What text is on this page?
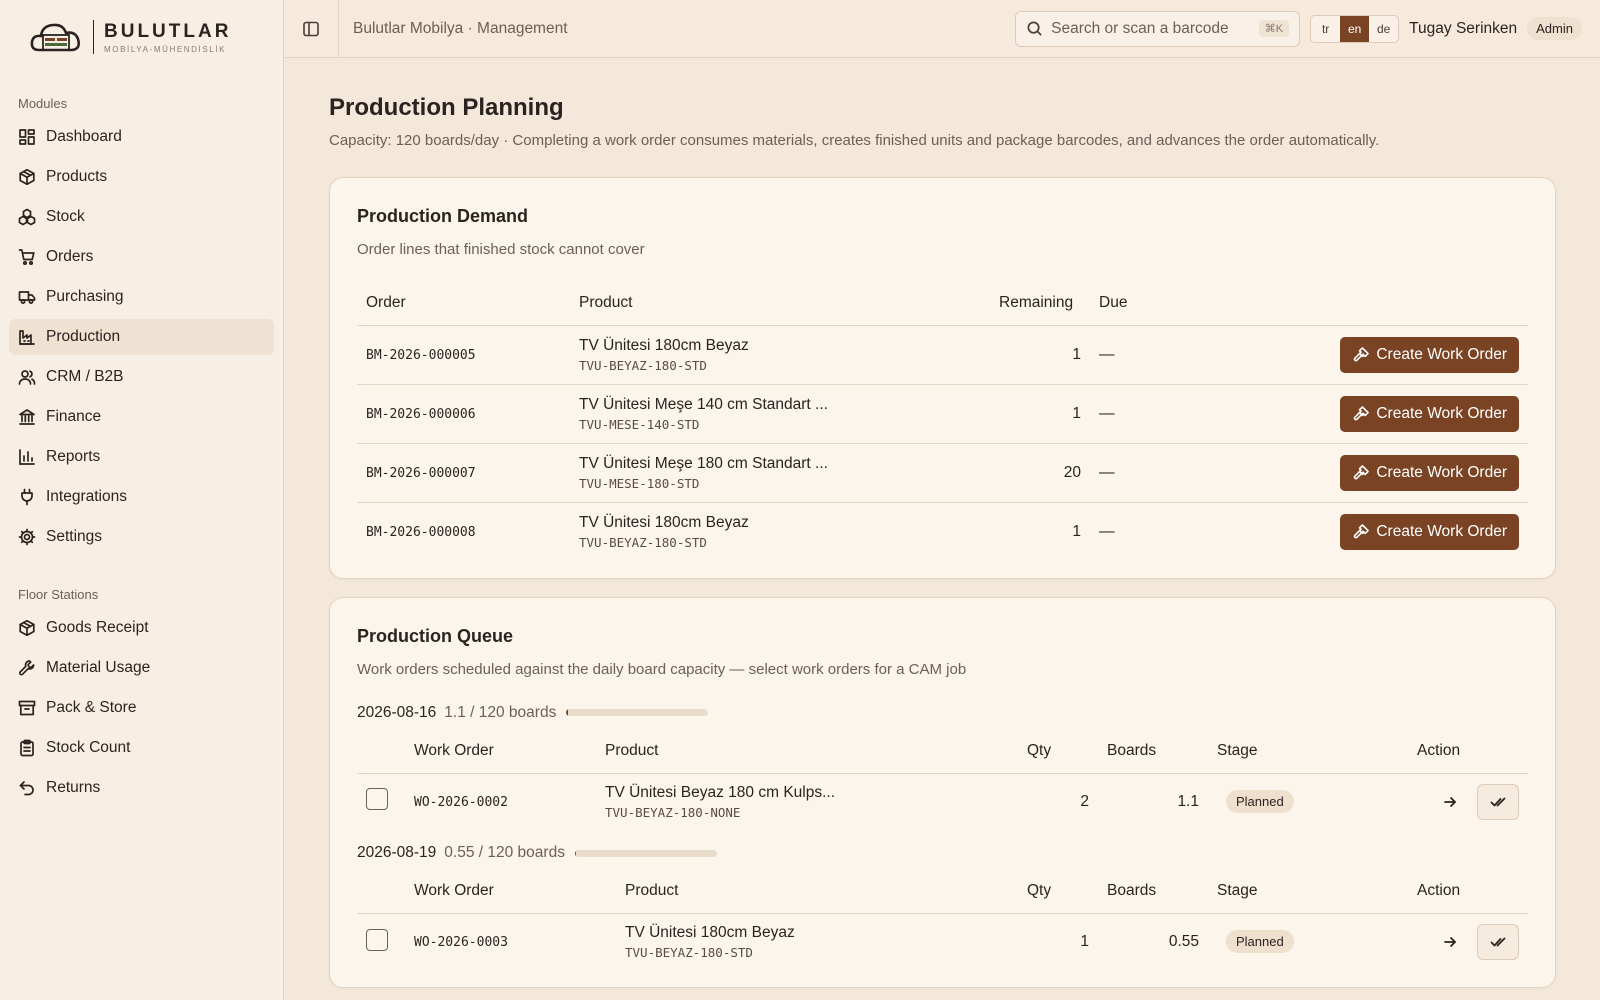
BULUTLAR
MOBİLYA-MÜHENDİSLİK
Modules
Dashboard
Products
Stock
Orders
Purchasing
Production
CRM / B2B
Finance
Reports
Integrations
Settings
Floor Stations
Goods Receipt
Material Usage
Pack & Store
Stock Count
Returns
Bulutlar Mobilya · Management
Search or scan a barcode	⌘K	tr	en	de	Tugay Serinken	Admin
Production Planning

Capacity: 120 boards/day · Completing a work order consumes materials, creates finished units and package barcodes, and advances the order automatically.

Production Demand

Order lines that finished stock cannot cover

Order	Product	Remaining	Due	
BM-2026-000005	TV Ünitesi 180cm Beyaz
TVU-BEYAZ-180-STD	1	—	Create Work Order

BM-2026-000006	TV Ünitesi Meşe 140 cm Standart ...
TVU-MESE-140-STD	1	—	Create Work Order

BM-2026-000007	TV Ünitesi Meşe 180 cm Standart ...
TVU-MESE-180-STD	20	—	Create Work Order

BM-2026-000008	TV Ünitesi 180cm Beyaz
TVU-BEYAZ-180-STD	1	—	Create Work Order
Production Queue

Work orders scheduled against the daily board capacity — select work orders for a CAM job

2026-08-16 1.1 / 120 boards
	Work Order	Product	Qty	Boards	Stage	Action
	WO-2026-0002	TV Ünitesi Beyaz 180 cm Kulps...
TVU-BEYAZ-180-NONE	2	1.1	Planned	
2026-08-19 0.55 / 120 boards
	Work Order	Product	Qty	Boards	Stage	Action
	WO-2026-0003	TV Ünitesi 180cm Beyaz
TVU-BEYAZ-180-STD	1	0.55	Planned	
